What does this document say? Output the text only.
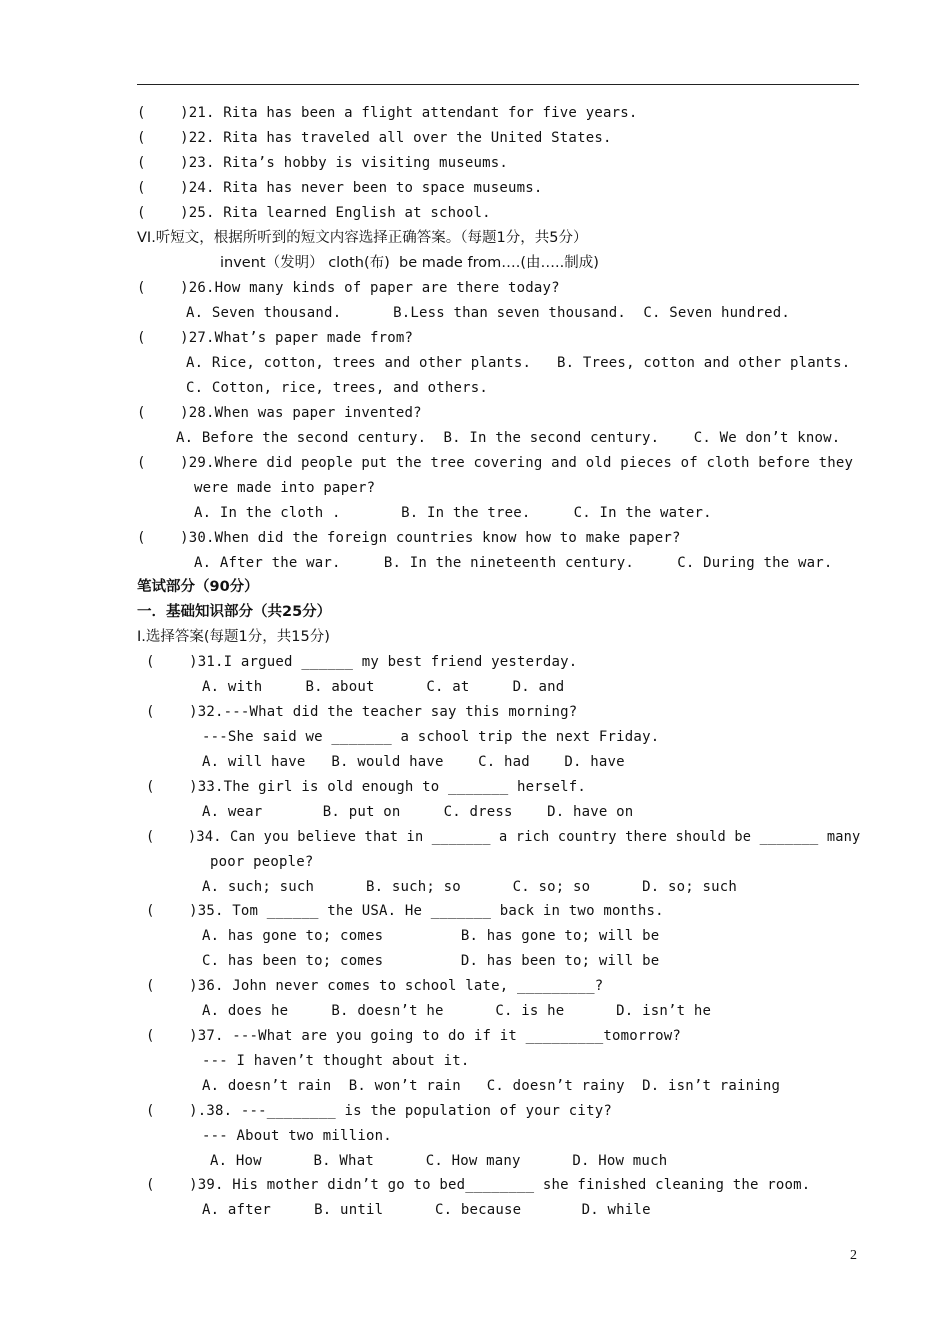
(    )21. Rita has been a flight attendant for five years.
(    )22. Rita has traveled all over the United States.
(    )23. Rita’s hobby is visiting museums.
(    )24. Rita has never been to space museums.
(    )25. Rita learned English at school.
VI.听短文，根据所听到的短文内容选择正确答案。（每题1分，共5分）
invent（发明） cloth(布)  be made from….(由…..制成)
(    )26.How many kinds of paper are there today?
A. Seven thousand.      B.Less than seven thousand.  C. Seven hundred.
(    )27.What’s paper made from?
A. Rice, cotton, trees and other plants.   B. Trees, cotton and other plants.
C. Cotton, rice, trees, and others.
(    )28.When was paper invented?
A. Before the second century.  B. In the second century.    C. We don’t know.
(    )29.Where did people put the tree covering and old pieces of cloth before they
were made into paper?
A. In the cloth .       B. In the tree.     C. In the water.
(    )30.When did the foreign countries know how to make paper?
A. After the war.     B. In the nineteenth century.     C. During the war.
笔试部分（90分）
一．基础知识部分（共25分）
I.选择答案(每题1分，共15分)
(    )31.I argued ______ my best friend yesterday.
A. with     B. about      C. at     D. and
(    )32.---What did the teacher say this morning?
---She said we _______ a school trip the next Friday.
A. will have   B. would have    C. had    D. have
(    )33.The girl is old enough to _______ herself.
A. wear       B. put on     C. dress    D. have on
(    )34. Can you believe that in _______ a rich country there should be _______ many
poor people?
A. such; such      B. such; so      C. so; so      D. so; such
(    )35. Tom ______ the USA. He _______ back in two months.
A. has gone to; comes         B. has gone to; will be
C. has been to; comes         D. has been to; will be
(    )36. John never comes to school late, _________?
A. does he     B. doesn’t he      C. is he      D. isn’t he
(    )37. ---What are you going to do if it _________tomorrow?
--- I haven’t thought about it.
A. doesn’t rain  B. won’t rain   C. doesn’t rainy  D. isn’t raining
(    ).38. ---________ is the population of your city?
--- About two million.
A. How      B. What      C. How many      D. How much
(    )39. His mother didn’t go to bed________ she finished cleaning the room.
A. after     B. until      C. because       D. while
2
